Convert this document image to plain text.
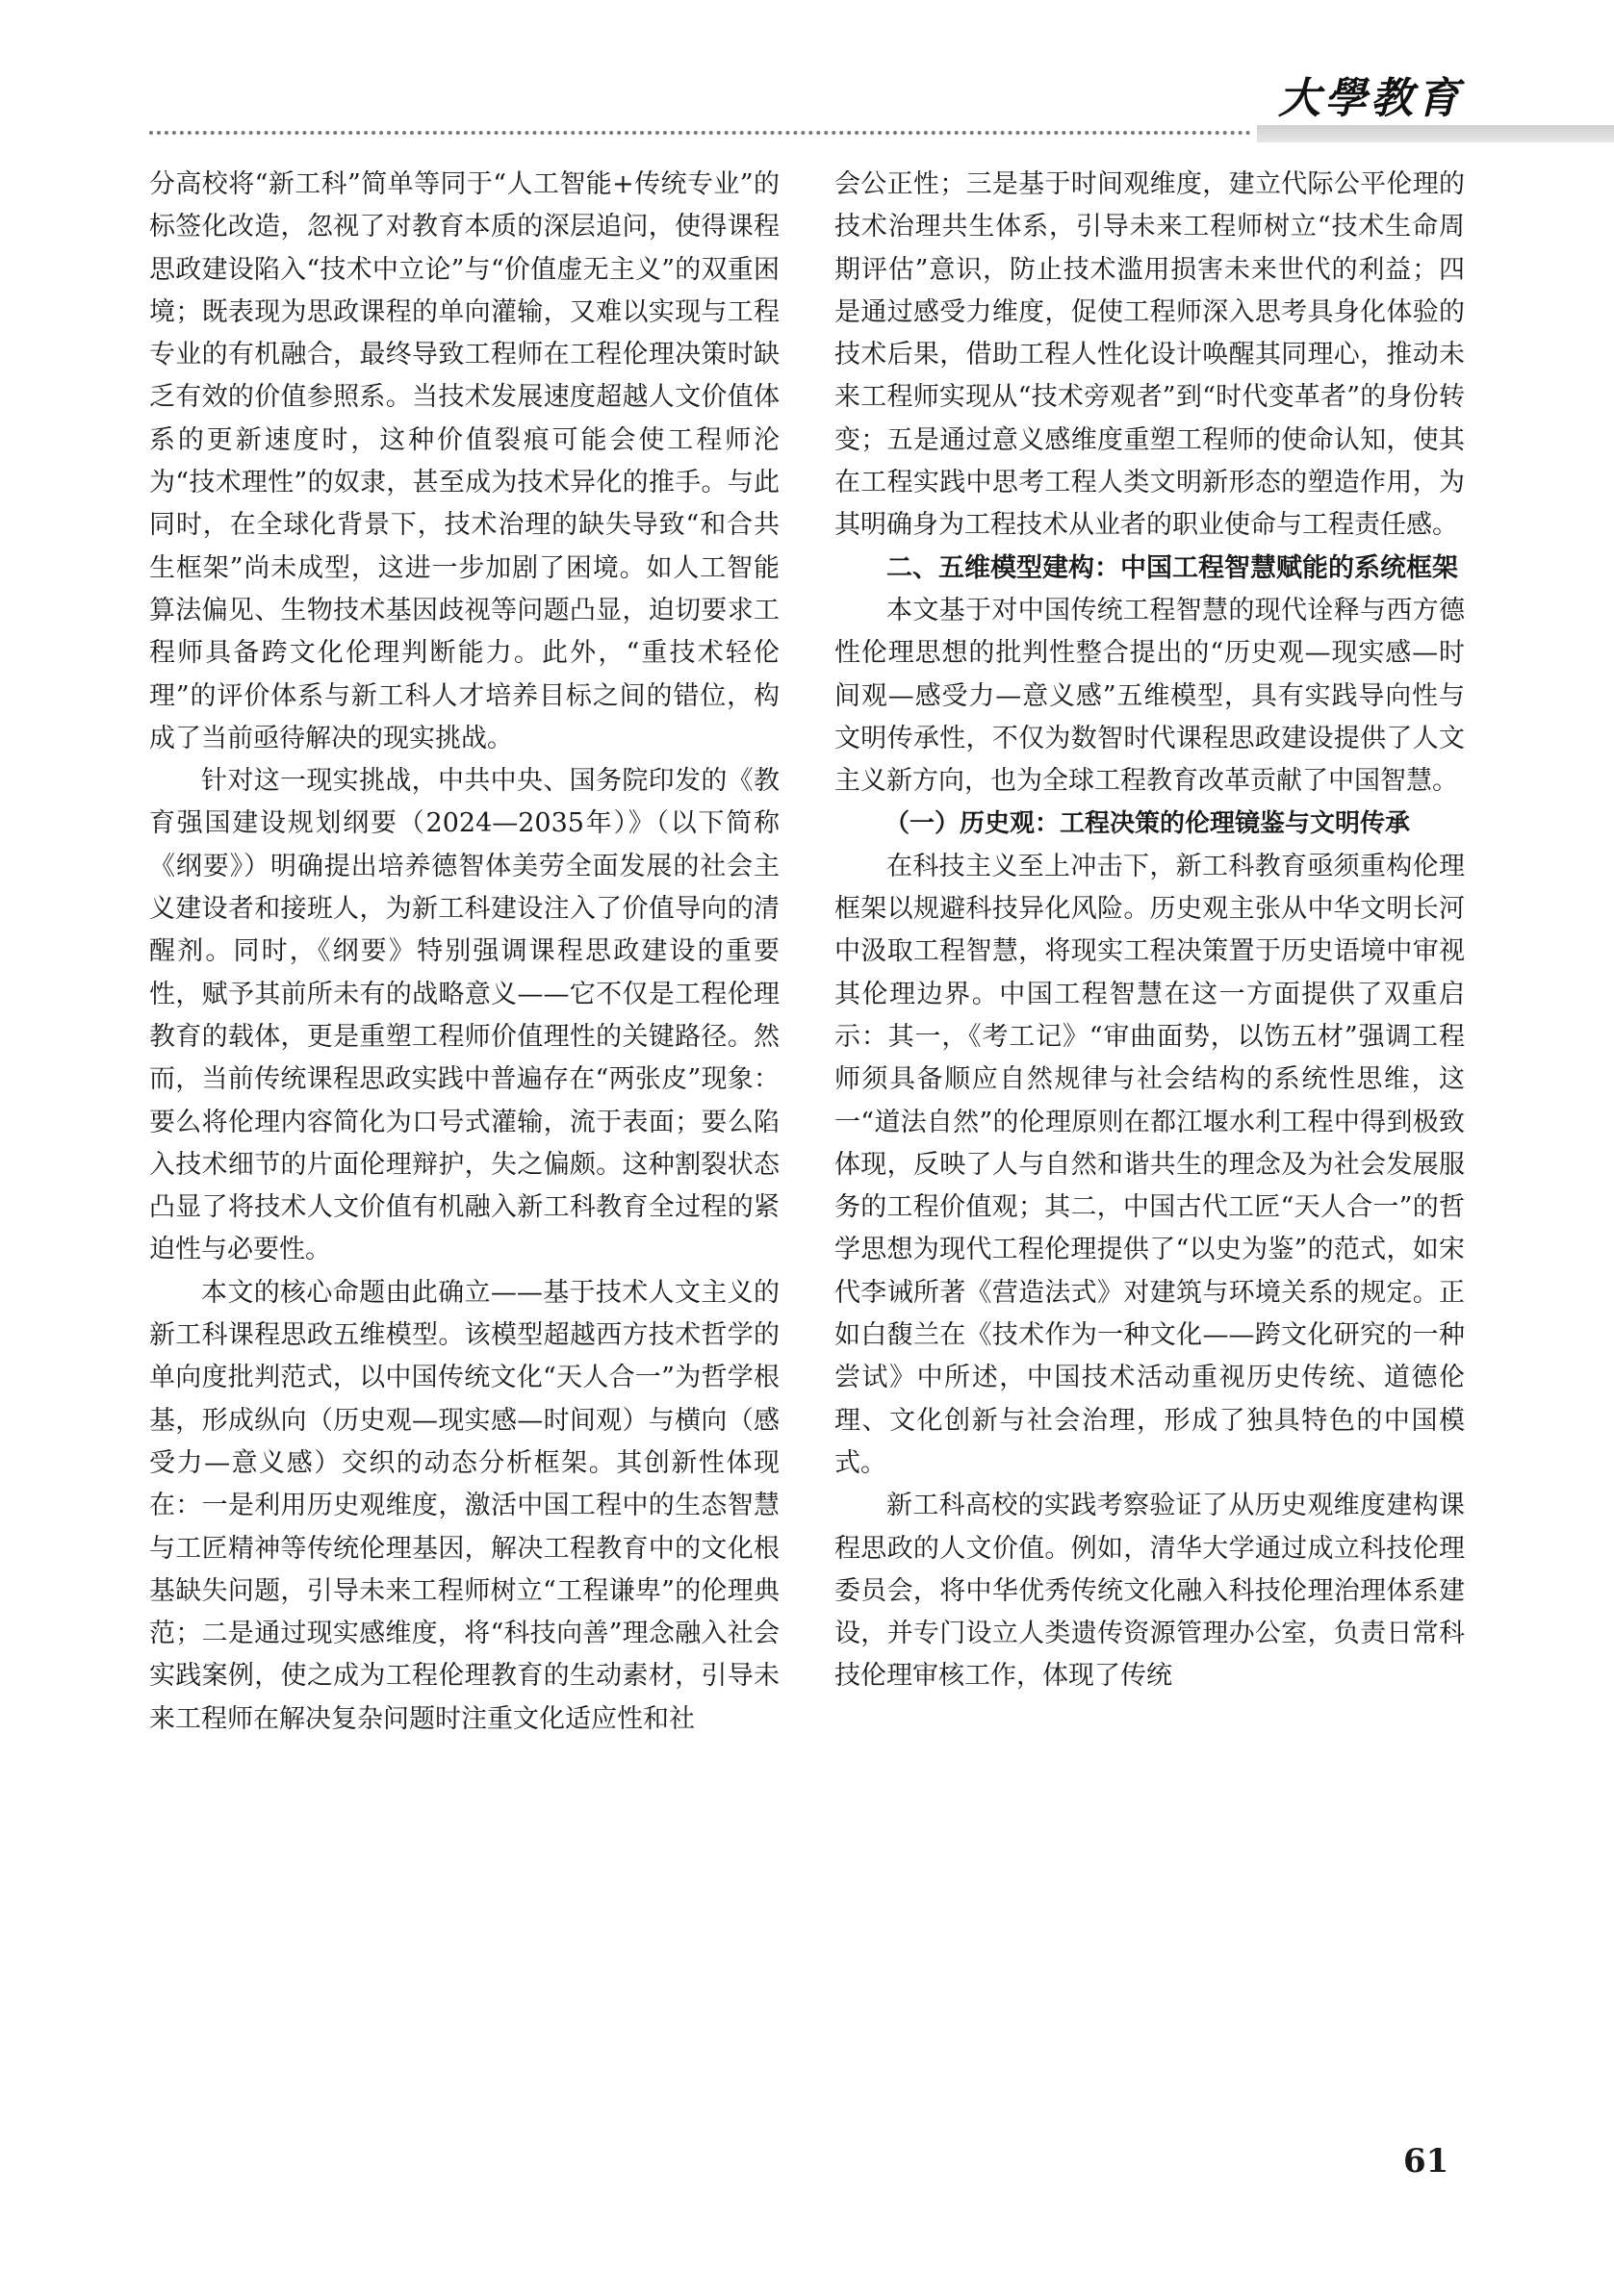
大學教育

分高校将“新工科”简单等同于“人工智能+传统专业”的标签化改造，忽视了对教育本质的深层追问，使得课程思政建设陷入“技术中立论”与“价值虚无主义”的双重困境；既表现为思政课程的单向灌输，又难以实现与工程专业的有机融合，最终导致工程师在工程伦理决策时缺乏有效的价值参照系。当技术发展速度超越人文价值体系的更新速度时，这种价值裂痕可能会使工程师沦为“技术理性”的奴隶，甚至成为技术异化的推手。与此同时，在全球化背景下，技术治理的缺失导致“和合共生框架”尚未成型，这进一步加剧了困境。如人工智能算法偏见、生物技术基因歧视等问题凸显，迫切要求工程师具备跨文化伦理判断能力。此外，“重技术轻伦理”的评价体系与新工科人才培养目标之间的错位，构成了当前亟待解决的现实挑战。

针对这一现实挑战，中共中央、国务院印发的《教育强国建设规划纲要（2024—2035年）》（以下简称《纲要》）明确提出培养德智体美劳全面发展的社会主义建设者和接班人，为新工科建设注入了价值导向的清醒剂。同时，《纲要》特别强调课程思政建设的重要性，赋予其前所未有的战略意义——它不仅是工程伦理教育的载体，更是重塑工程师价值理性的关键路径。然而，当前传统课程思政实践中普遍存在“两张皮”现象：要么将伦理内容简化为口号式灌输，流于表面；要么陷入技术细节的片面伦理辩护，失之偏颇。这种割裂状态凸显了将技术人文价值有机融入新工科教育全过程的紧迫性与必要性。

本文的核心命题由此确立——基于技术人文主义的新工科课程思政五维模型。该模型超越西方技术哲学的单向度批判范式，以中国传统文化“天人合一”为哲学根基，形成纵向（历史观—现实感—时间观）与横向（感受力—意义感）交织的动态分析框架。其创新性体现在：一是利用历史观维度，激活中国工程中的生态智慧与工匠精神等传统伦理基因，解决工程教育中的文化根基缺失问题，引导未来工程师树立“工程谦卑”的伦理典范；二是通过现实感维度，将“科技向善”理念融入社会实践案例，使之成为工程伦理教育的生动素材，引导未来工程师在解决复杂问题时注重文化适应性和社

会公正性；三是基于时间观维度，建立代际公平伦理的技术治理共生体系，引导未来工程师树立“技术生命周期评估”意识，防止技术滥用损害未来世代的利益；四是通过感受力维度，促使工程师深入思考具身化体验的技术后果，借助工程人性化设计唤醒其同理心，推动未来工程师实现从“技术旁观者”到“时代变革者”的身份转变；五是通过意义感维度重塑工程师的使命认知，使其在工程实践中思考工程人类文明新形态的塑造作用，为其明确身为工程技术从业者的职业使命与工程责任感。

二、五维模型建构：中国工程智慧赋能的系统框架

本文基于对中国传统工程智慧的现代诠释与西方德性伦理思想的批判性整合提出的“历史观—现实感—时间观—感受力—意义感”五维模型，具有实践导向性与文明传承性，不仅为数智时代课程思政建设提供了人文主义新方向，也为全球工程教育改革贡献了中国智慧。

（一）历史观：工程决策的伦理镜鉴与文明传承

在科技主义至上冲击下，新工科教育亟须重构伦理框架以规避科技异化风险。历史观主张从中华文明长河中汲取工程智慧，将现实工程决策置于历史语境中审视其伦理边界。中国工程智慧在这一方面提供了双重启示：其一，《考工记》“审曲面势，以饬五材”强调工程师须具备顺应自然规律与社会结构的系统性思维，这一“道法自然”的伦理原则在都江堰水利工程中得到极致体现，反映了人与自然和谐共生的理念及为社会发展服务的工程价值观；其二，中国古代工匠“天人合一”的哲学思想为现代工程伦理提供了“以史为鉴”的范式，如宋代李诫所著《营造法式》对建筑与环境关系的规定。正如白馥兰在《技术作为一种文化——跨文化研究的一种尝试》中所述，中国技术活动重视历史传统、道德伦理、文化创新与社会治理，形成了独具特色的中国模式。

新工科高校的实践考察验证了从历史观维度建构课程思政的人文价值。例如，清华大学通过成立科技伦理委员会，将中华优秀传统文化融入科技伦理治理体系建设，并专门设立人类遗传资源管理办公室，负责日常科技伦理审核工作，体现了传统

61
